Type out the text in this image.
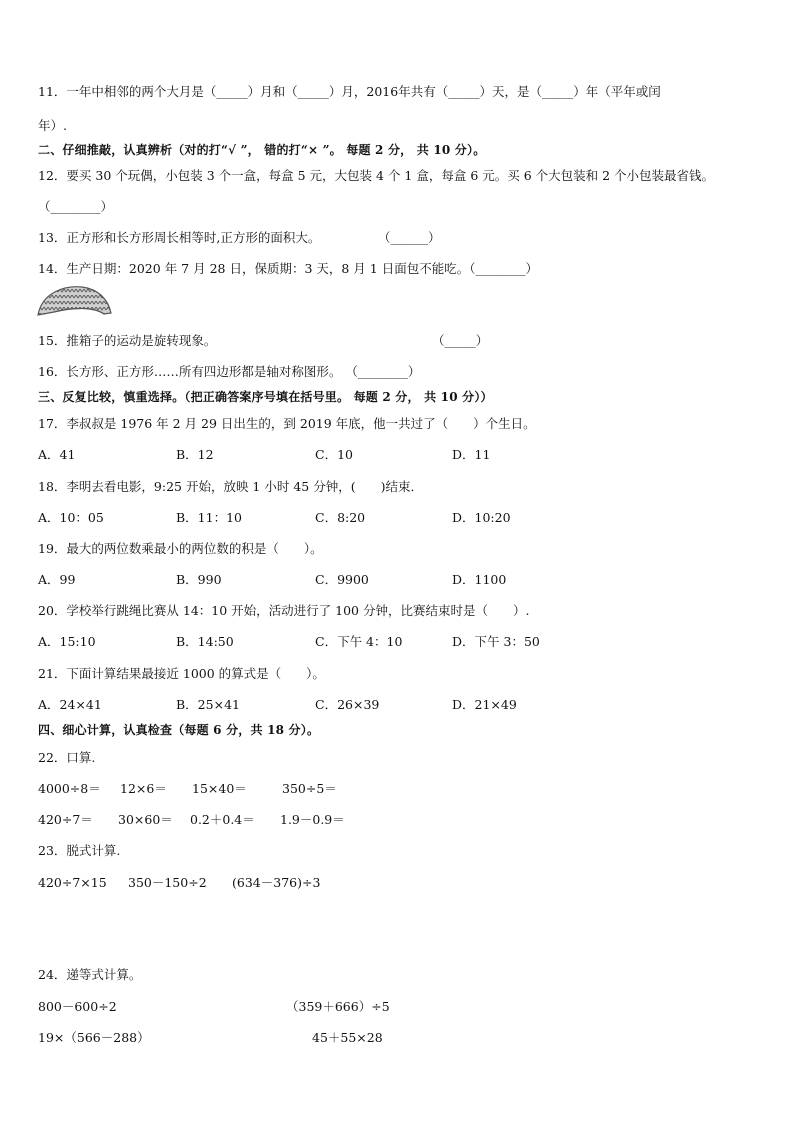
11．一年中相邻的两个大月是（_____）月和（_____）月，2016年共有（_____）天，是（_____）年（平年或闰
年）.
二、仔细推敲，认真辨析（对的打“√ ”， 错的打“× ”。 每题 2 分， 共 10 分）。
12．要买 30 个玩偶，小包装 3 个一盒，每盒 5 元，大包装 4 个 1 盒，每盒 6 元。买 6 个大包装和 2 个小包装最省钱。
（________）
13．正方形和长方形周长相等时,正方形的面积大。	（______）
14．生产日期：2020 年 7 月 28 日，保质期：3 天，8 月 1 日面包不能吃。（________）
15．推箱子的运动是旋转现象。	（_____）
16．长方形、正方形……所有四边形都是轴对称图形。 （________）
三、反复比较，慎重选择。（把正确答案序号填在括号里。 每题 2 分， 共 10 分））
17．李叔叔是 1976 年 2 月 29 日出生的，到 2019 年底，他一共过了（　　）个生日。
A．41	B．12	C．10	D．11
18．李明去看电影，9:25 开始，放映 1 小时 45 分钟，(　　)结束．
A．10：05	B．11：10	C．8:20	D．10:20
19．最大的两位数乘最小的两位数的积是（　　）。
A．99	B．990	C．9900	D．1100
20．学校举行跳绳比赛从 14：10 开始，活动进行了 100 分钟，比赛结束时是（　　）.
A．15:10	B．14:50	C．下午 4：10	D．下午 3：50
21．下面计算结果最接近 1000 的算式是（　　）。
A．24×41	B．25×41	C．26×39	D．21×49
四、细心计算，认真检查（每题 6 分，共 18 分）。
22．口算.
4000÷8＝ 12×6＝ 15×40＝	350÷5＝
420÷7＝ 30×60＝ 0.2＋0.4＝ 1.9－0.9＝
23．脱式计算.
420÷7×15 350－150÷2 (634－376)÷3
24．递等式计算。
800－600÷2	（359＋666）÷5
19×（566－288）	45＋55×28
